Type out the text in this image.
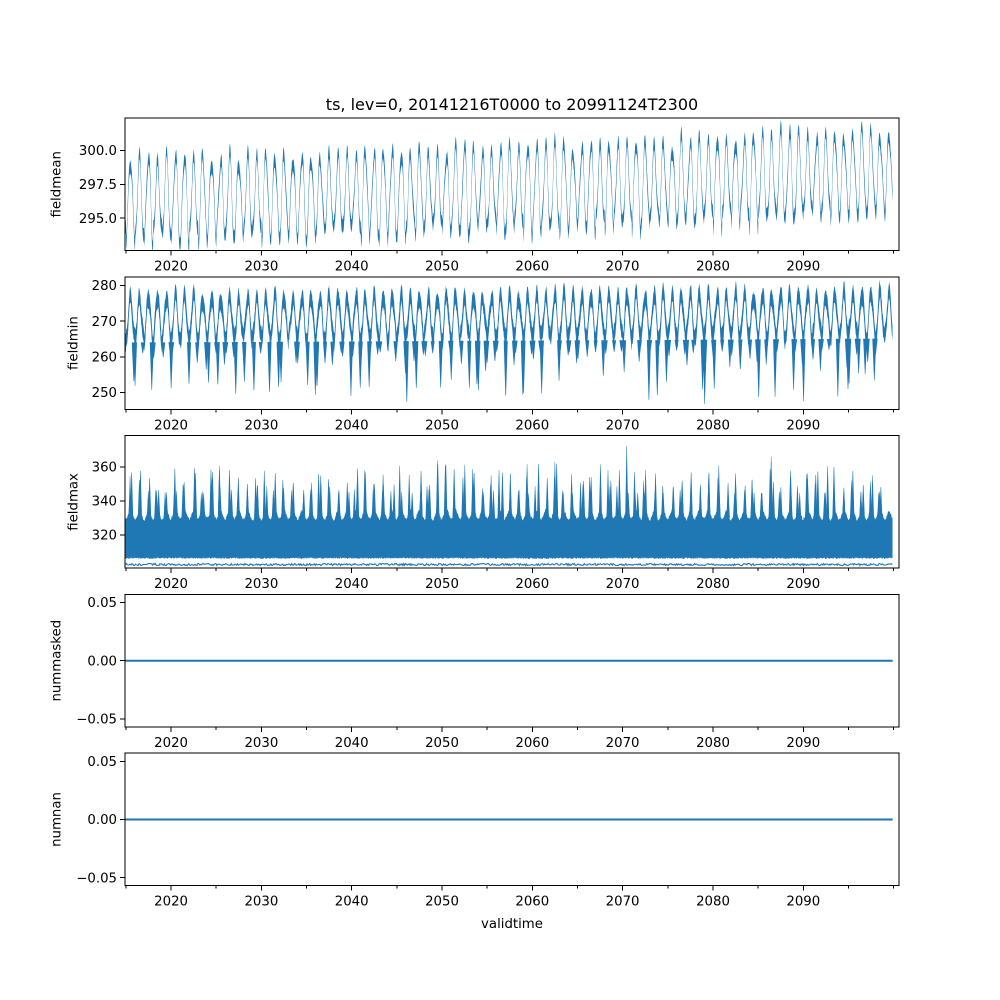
ts, lev=0, 20141216T0000 to 20991124T2300
295.0
297.5
300.0
2020	2030	2040	2050	2060	2070	2080	2090
fieldmean
250
260
270
280
2020	2030	2040	2050	2060	2070	2080	2090
fieldmin
320
340
360
2020	2030	2040	2050	2060	2070	2080	2090
fieldmax
−0.05
0.00
0.05
2020	2030	2040	2050	2060	2070	2080	2090
nummasked
−0.05
0.00
0.05
2020	2030	2040	2050	2060	2070	2080	2090
numnan
validtime
